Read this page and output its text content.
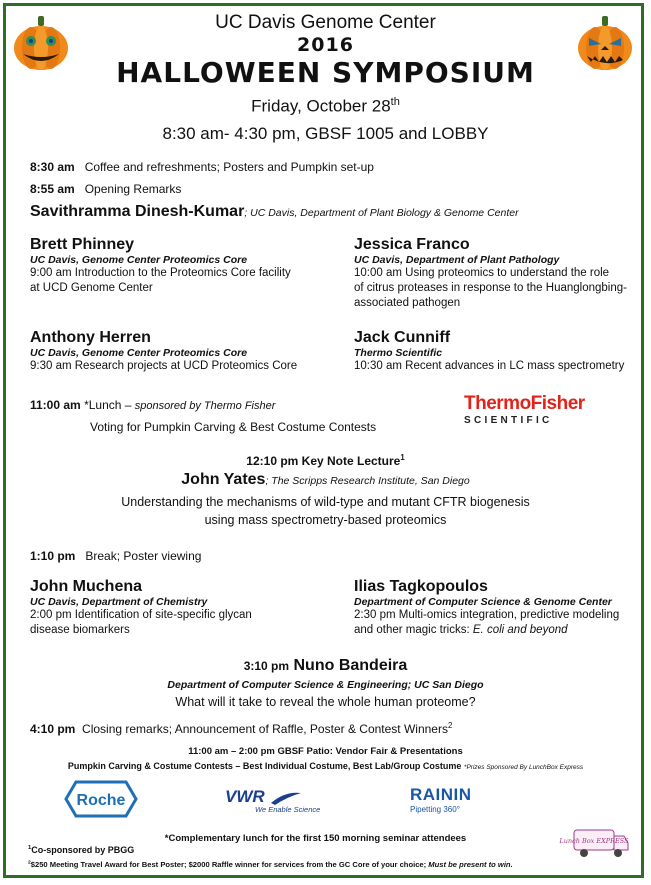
UC Davis Genome Center
2016
HALLOWEEN SYMPOSIUM
Friday, October 28th
8:30 am- 4:30 pm, GBSF 1005 and LOBBY
8:30 am Coffee and refreshments; Posters and Pumpkin set-up
8:55 am Opening Remarks
Savithramma Dinesh-Kumar; UC Davis, Department of Plant Biology & Genome Center
Brett Phinney
UC Davis, Genome Center Proteomics Core
9:00 am Introduction to the Proteomics Core facility
at UCD Genome Center
Jessica Franco
UC Davis, Department of Plant Pathology
10:00 am Using proteomics to understand the role
of citrus proteases in response to the Huanglongbing-
associated pathogen
Anthony Herren
UC Davis, Genome Center Proteomics Core
9:30 am Research projects at UCD Proteomics Core
Jack Cunniff
Thermo Scientific
10:30 am Recent advances in LC mass spectrometry
11:00 am *Lunch – sponsored by Thermo Fisher
Voting for Pumpkin Carving & Best Costume Contests
ThermoFisher
SCIENTIFIC
12:10 pm Key Note Lecture$^1$
John Yates; The Scripps Research Institute, San Diego
Understanding the mechanisms of wild-type and mutant CFTR biogenesis
using mass spectrometry-based proteomics
1:10 pm Break; Poster viewing
John Muchena
UC Davis, Department of Chemistry
2:00 pm Identification of site-specific glycan
disease biomarkers
Ilias Tagkopoulos
Department of Computer Science & Genome Center
2:30 pm Multi-omics integration, predictive modeling
and other magic tricks: E. coli and beyond
3:10 pm Nuno Bandeira
Department of Computer Science & Engineering; UC San Diego
What will it take to reveal the whole human proteome?
4:10 pm Closing remarks; Announcement of Raffle, Poster & Contest Winners$^2$
11:00 am – 2:00 pm GBSF Patio: Vendor Fair & Presentations
Pumpkin Carving & Costume Contests – Best Individual Costume, Best Lab/Group Costume *Prizes Sponsored By LunchBox Express
Roche	VWR
We Enable Science
RAININ
Pipetting 360°
Lunch Box EXPRESS
*Complementary lunch for the first 150 morning seminar attendees
$^1$Co-sponsored by PBGG
$^2$\$250 Meeting Travel Award for Best Poster; $2000 Raffle winner for services from the GC Core of your choice; Must be present to win.
